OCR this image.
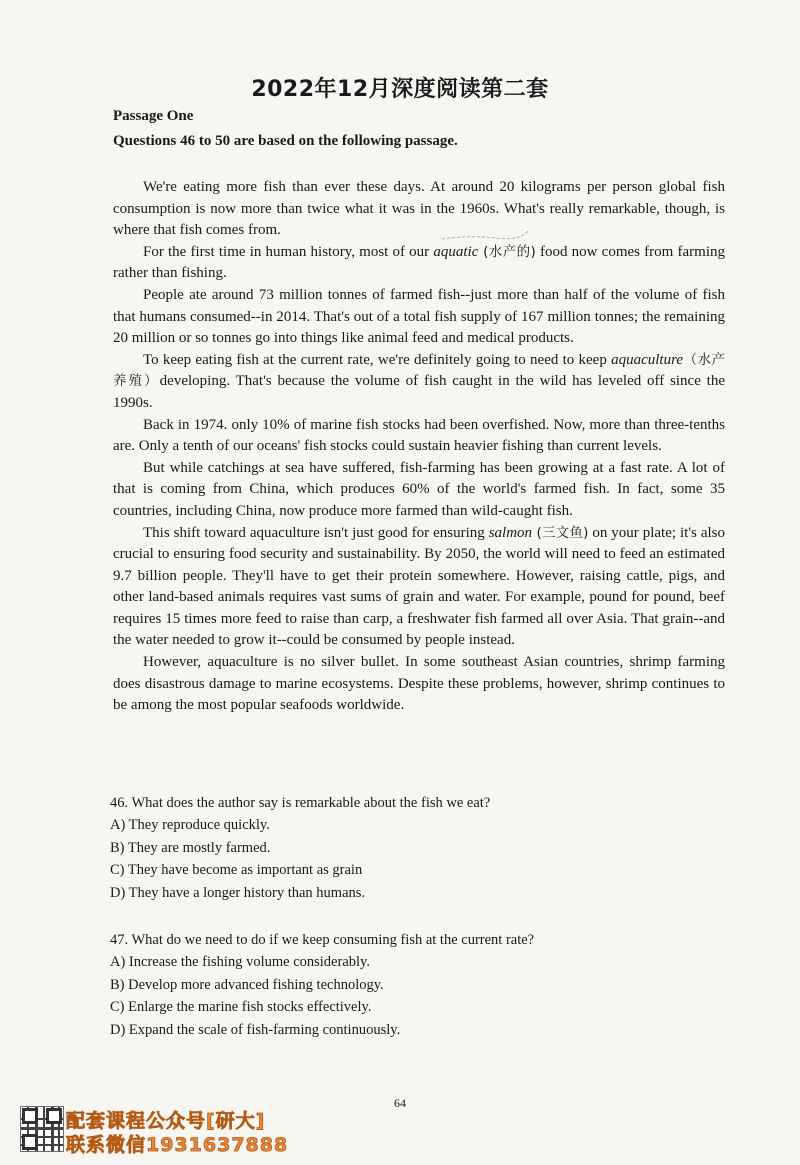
2022年12月深度阅读第二套
Passage One
Questions 46 to 50 are based on the following passage.

We're eating more fish than ever these days. At around 20 kilograms per person global fish consumption is now more than twice what it was in the 1960s. What's really remarkable, though, is where that fish comes from.

For the first time in human history, most of our aquatic (水产的) food now comes from farming rather than fishing.

People ate around 73 million tonnes of farmed fish--just more than half of the volume of fish that humans consumed--in 2014. That's out of a total fish supply of 167 million tonnes; the remaining 20 million or so tonnes go into things like animal feed and medical products.

To keep eating fish at the current rate, we're definitely going to need to keep aquaculture（水产养殖）developing. That's because the volume of fish caught in the wild has leveled off since the 1990s.

Back in 1974. only 10% of marine fish stocks had been overfished. Now, more than three-tenths are. Only a tenth of our oceans' fish stocks could sustain heavier fishing than current levels.

But while catchings at sea have suffered, fish-farming has been growing at a fast rate. A lot of that is coming from China, which produces 60% of the world's farmed fish. In fact, some 35 countries, including China, now produce more farmed than wild-caught fish.

This shift toward aquaculture isn't just good for ensuring salmon (三文鱼) on your plate; it's also crucial to ensuring food security and sustainability. By 2050, the world will need to feed an estimated 9.7 billion people. They'll have to get their protein somewhere. However, raising cattle, pigs, and other land-based animals requires vast sums of grain and water. For example, pound for pound, beef requires 15 times more feed to raise than carp, a freshwater fish farmed all over Asia. That grain--and the water needed to grow it--could be consumed by people instead.

However, aquaculture is no silver bullet. In some southeast Asian countries, shrimp farming does disastrous damage to marine ecosystems. Despite these problems, however, shrimp continues to be among the most popular seafoods worldwide.

46. What does the author say is remarkable about the fish we eat?
A) They reproduce quickly.
B) They are mostly farmed.
C) They have become as important as grain
D) They have a longer history than humans.
47. What do we need to do if we keep consuming fish at the current rate?
A) Increase the fishing volume considerably.
B) Develop more advanced fishing technology.
C) Enlarge the marine fish stocks effectively.
D) Expand the scale of fish-farming continuously.
64
配套课程公众号[研大]
联系微信1931637888
